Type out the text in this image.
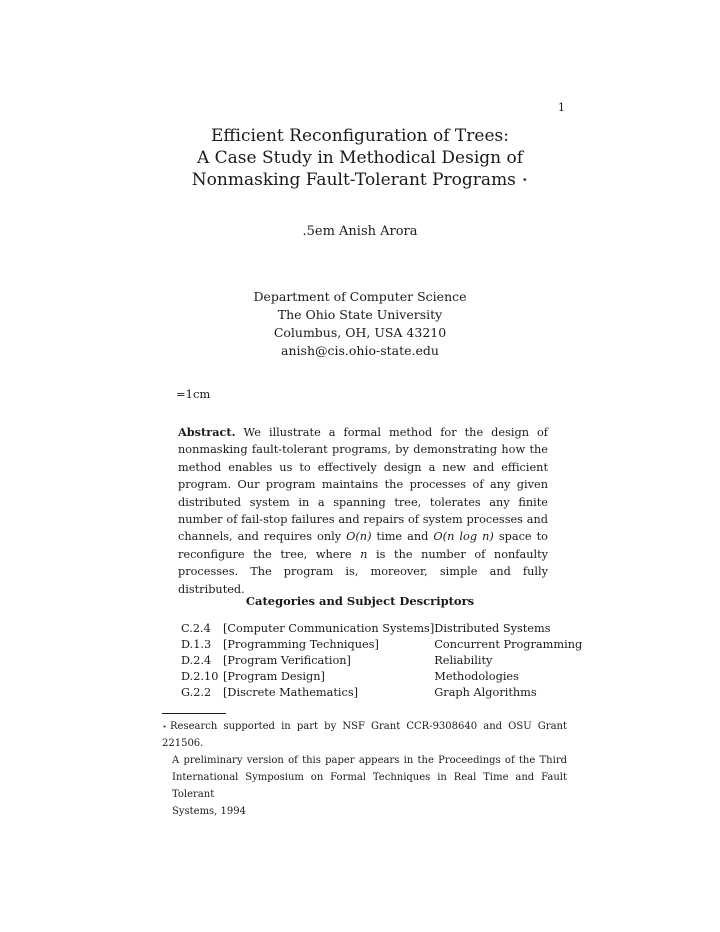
1
Efficient Reconfiguration of Trees:
A Case Study in Methodical Design of
Nonmasking Fault-Tolerant Programs ⋆
.5em Anish Arora
Department of Computer Science
The Ohio State University
Columbus, OH, USA 43210
anish@cis.ohio-state.edu
=1cm
Abstract. We illustrate a formal method for the design of nonmasking fault-tolerant programs, by demonstrating how the method enables us to effectively design a new and efficient program. Our program maintains the processes of any given distributed system in a spanning tree, tolerates any finite number of fail-stop failures and repairs of system processes and channels, and requires only O(n) time and O(n log n) space to reconfigure the tree, where n is the number of nonfaulty processes. The program is, moreover, simple and fully distributed.
Categories and Subject Descriptors
C.2.4	[Computer Communication Systems]	Distributed Systems
D.1.3	[Programming Techniques]	Concurrent Programming
D.2.4	[Program Verification]	Reliability
D.2.10	[Program Design]	Methodologies
G.2.2	[Discrete Mathematics]	Graph Algorithms
⋆ Research supported in part by NSF Grant CCR-9308640 and OSU Grant 221506.
A preliminary version of this paper appears in the Proceedings of the Third
International Symposium on Formal Techniques in Real Time and Fault Tolerant
Systems, 1994
